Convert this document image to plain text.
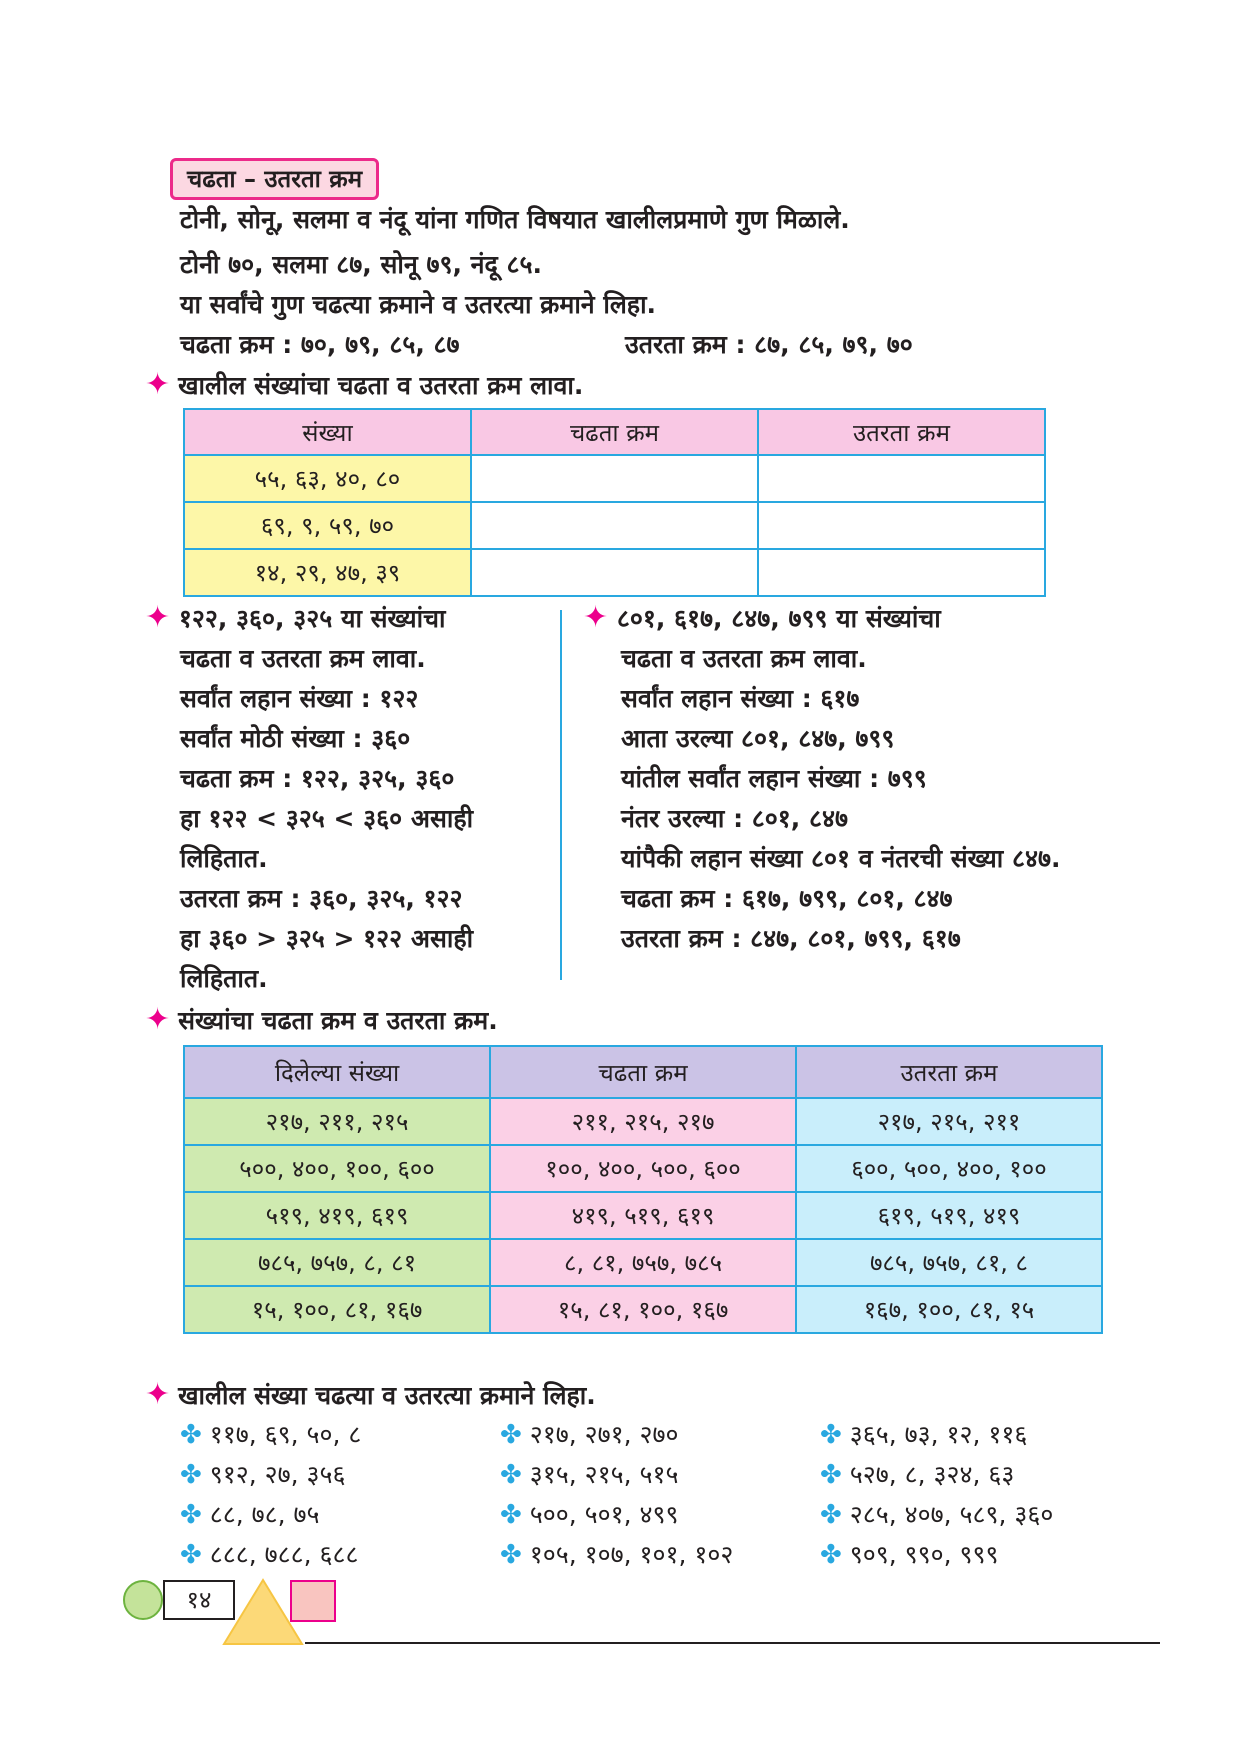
चढता – उतरता क्रम
टोनी, सोनू, सलमा व नंदू यांना गणित विषयात खालीलप्रमाणे गुण मिळाले.
टोनी ७०, सलमा ८७, सोनू ७९, नंदू ८५.
या सर्वांचे गुण चढत्या क्रमाने व उतरत्या क्रमाने लिहा.
चढता क्रम : ७०, ७९, ८५, ८७	उतरता क्रम : ८७, ८५, ७९, ७०
✦ खालील संख्यांचा चढता व उतरता क्रम लावा.
संख्या	चढता क्रम	उतरता क्रम
५५, ६३, ४०, ८०		
६९, ९, ५९, ७०		
१४, २९, ४७, ३९		
✦ १२२, ३६०, ३२५ या संख्यांचा
चढता व उतरता क्रम लावा.
सर्वांत लहान संख्या : १२२
सर्वांत मोठी संख्या : ३६०
चढता क्रम : १२२, ३२५, ३६०
हा १२२ < ३२५ < ३६० असाही
लिहितात.
उतरता क्रम : ३६०, ३२५, १२२
हा ३६० > ३२५ > १२२ असाही
लिहितात.
✦ ८०१, ६१७, ८४७, ७९९ या संख्यांचा
चढता व उतरता क्रम लावा.
सर्वांत लहान संख्या : ६१७
आता उरल्या ८०१, ८४७, ७९९
यांतील सर्वांत लहान संख्या : ७९९
नंतर उरल्या : ८०१, ८४७
यांपैकी लहान संख्या ८०१ व नंतरची संख्या ८४७.
चढता क्रम : ६१७, ७९९, ८०१, ८४७
उतरता क्रम : ८४७, ८०१, ७९९, ६१७
✦ संख्यांचा चढता क्रम व उतरता क्रम.
दिलेल्या संख्या	चढता क्रम	उतरता क्रम
२१७, २११, २१५	२११, २१५, २१७	२१७, २१५, २११
५००, ४००, १००, ६००	१००, ४००, ५००, ६००	६००, ५००, ४००, १००
५१९, ४१९, ६१९	४१९, ५१९, ६१९	६१९, ५१९, ४१९
७८५, ७५७, ८, ८१	८, ८१, ७५७, ७८५	७८५, ७५७, ८१, ८
१५, १००, ८१, १६७	१५, ८१, १००, १६७	१६७, १००, ८१, १५
✦ खालील संख्या चढत्या व उतरत्या क्रमाने लिहा.
✤ ११७, ६९, ५०, ८
✤ ९१२, २७, ३५६
✤ ८८, ७८, ७५
✤ ८८८, ७८८, ६८८
✤ २१७, २७१, २७०
✤ ३१५, २१५, ५१५
✤ ५००, ५०१, ४९९
✤ १०५, १०७, १०१, १०२
✤ ३६५, ७३, १२, ११६
✤ ५२७, ८, ३२४, ६३
✤ २८५, ४०७, ५८९, ३६०
✤ ९०९, ९९०, ९९९
१४
